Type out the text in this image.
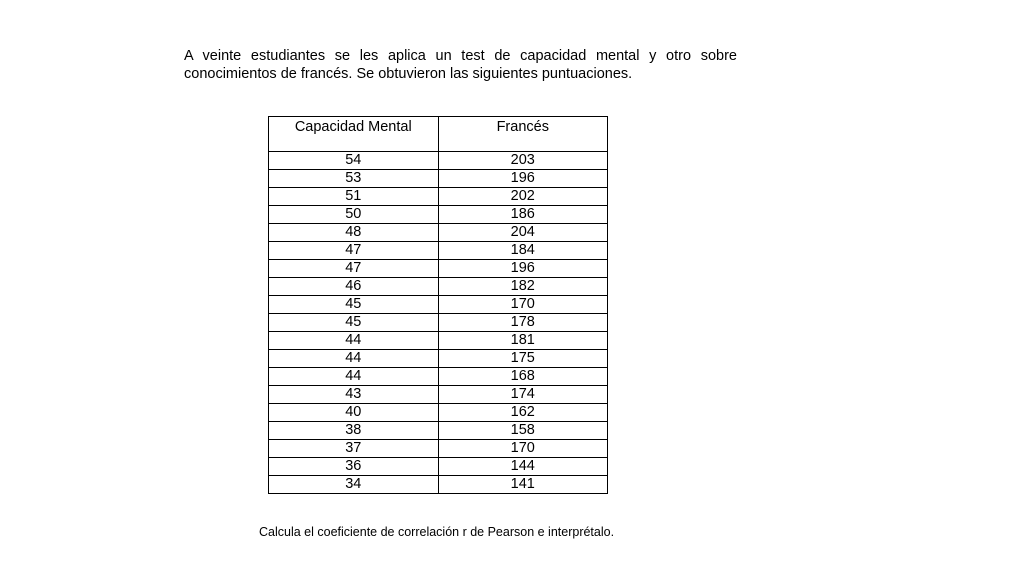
A veinte estudiantes se les aplica un test de capacidad mental y otro sobre
conocimientos de francés. Se obtuvieron las siguientes puntuaciones.

Capacidad Mental	Francés
54	203
53	196
51	202
50	186
48	204
47	184
47	196
46	182
45	170
45	178
44	181
44	175
44	168
43	174
40	162
38	158
37	170
36	144
34	141

Calcula el coeficiente de correlación r de Pearson e interprétalo.
